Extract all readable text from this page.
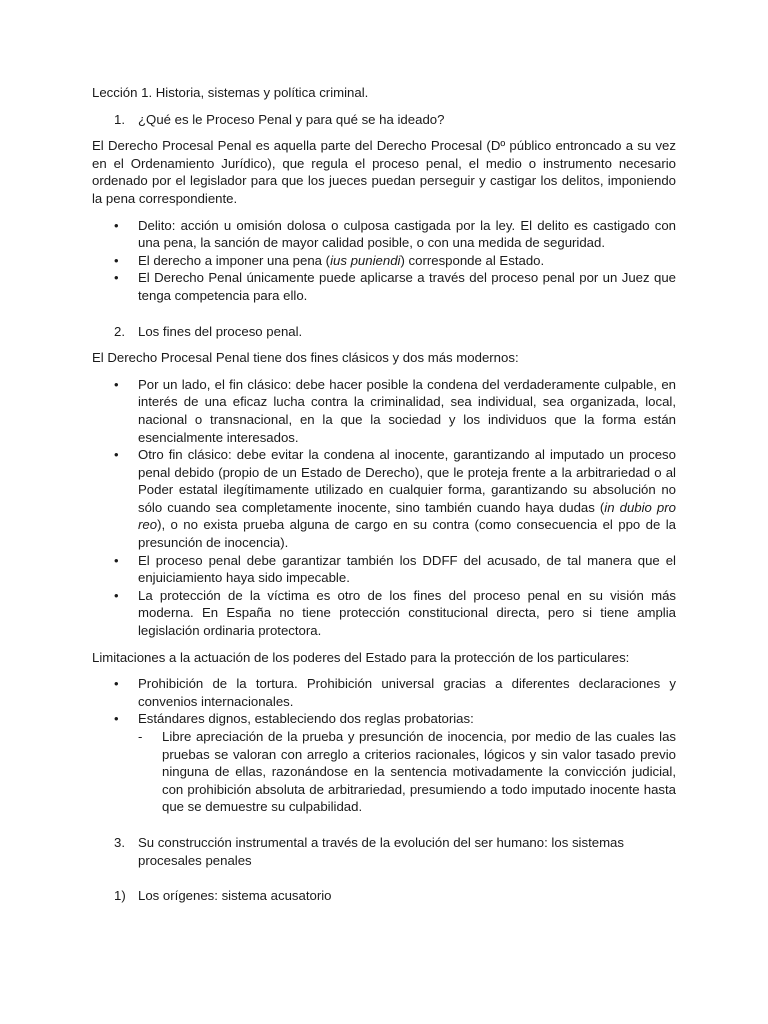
Lección 1. Historia, sistemas y política criminal.

1. ¿Qué es le Proceso Penal y para qué se ha ideado?

El Derecho Procesal Penal es aquella parte del Derecho Procesal (Dº público entroncado a su vez en el Ordenamiento Jurídico), que regula el proceso penal, el medio o instrumento necesario ordenado por el legislador para que los jueces puedan perseguir y castigar los delitos, imponiendo la pena correspondiente.

• Delito: acción u omisión dolosa o culposa castigada por la ley. El delito es castigado con una pena, la sanción de mayor calidad posible, o con una medida de seguridad.
• El derecho a imponer una pena (ius puniendi) corresponde al Estado.
• El Derecho Penal únicamente puede aplicarse a través del proceso penal por un Juez que tenga competencia para ello.
2. Los fines del proceso penal.

El Derecho Procesal Penal tiene dos fines clásicos y dos más modernos:

• Por un lado, el fin clásico: debe hacer posible la condena del verdaderamente culpable, en interés de una eficaz lucha contra la criminalidad, sea individual, sea organizada, local, nacional o transnacional, en la que la sociedad y los individuos que la forma están esencialmente interesados.
• Otro fin clásico: debe evitar la condena al inocente, garantizando al imputado un proceso penal debido (propio de un Estado de Derecho), que le proteja frente a la arbitrariedad o al Poder estatal ilegítimamente utilizado en cualquier forma, garantizando su absolución no sólo cuando sea completamente inocente, sino también cuando haya dudas (in dubio pro reo), o no exista prueba alguna de cargo en su contra (como consecuencia el ppo de la presunción de inocencia).
• El proceso penal debe garantizar también los DDFF del acusado, de tal manera que el enjuiciamiento haya sido impecable.
• La protección de la víctima es otro de los fines del proceso penal en su visión más moderna. En España no tiene protección constitucional directa, pero si tiene amplia legislación ordinaria protectora.

Limitaciones a la actuación de los poderes del Estado para la protección de los particulares:

• Prohibición de la tortura. Prohibición universal gracias a diferentes declaraciones y convenios internacionales.
• Estándares dignos, estableciendo dos reglas probatorias:
- Libre apreciación de la prueba y presunción de inocencia, por medio de las cuales las pruebas se valoran con arreglo a criterios racionales, lógicos y sin valor tasado previo ninguna de ellas, razonándose en la sentencia motivadamente la convicción judicial, con prohibición absoluta de arbitrariedad, presumiendo a todo imputado inocente hasta que se demuestre su culpabilidad.
3. Su construcción instrumental a través de la evolución del ser humano: los sistemas procesales penales
1) Los orígenes: sistema acusatorio
